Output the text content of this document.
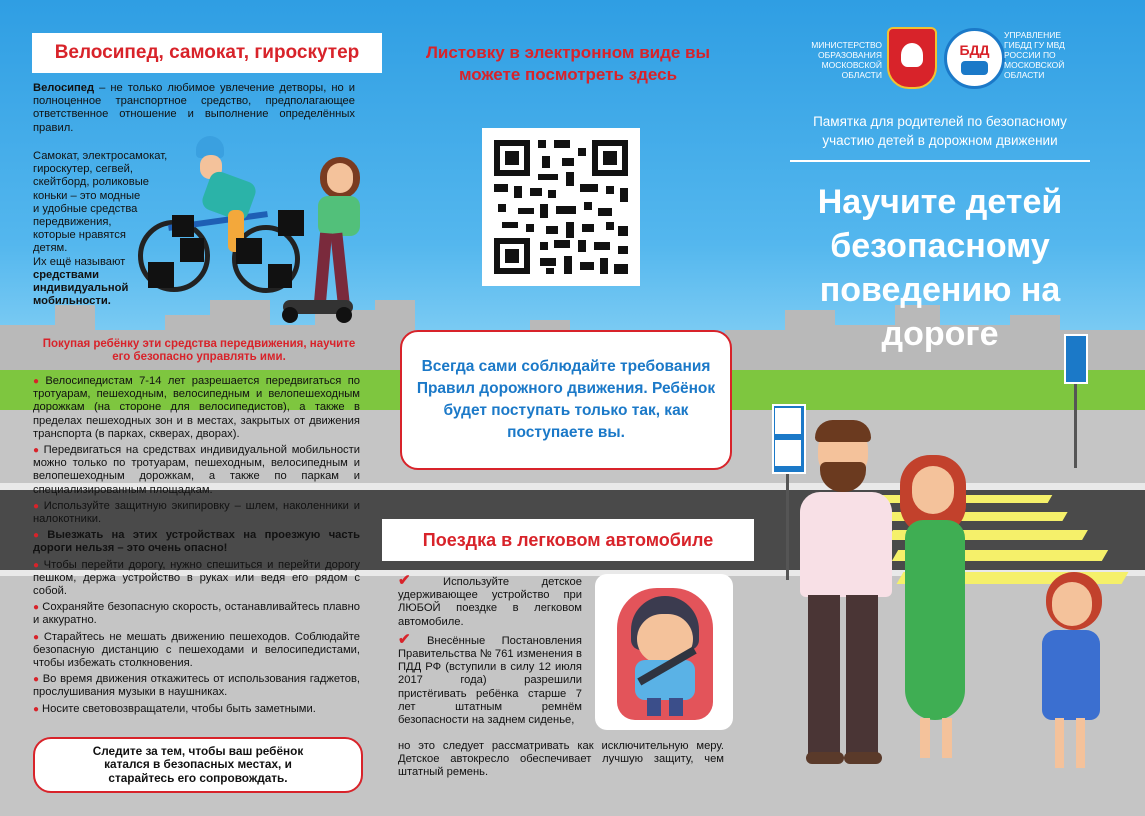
Велосипед, самокат, гироскутер
Велосипед – не только любимое увлечение детворы, но и полноценное транспортное средство, предполагающее ответственное отношение и выполнение определённых правил.
Самокат, электросамокат,
гироскутер, сегвей,
скейтборд, роликовые
коньки – это модные
и удобные средства
передвижения,
которые нравятся
детям.
Их ещё называют
средствами индивидуальной мобильности.
Покупая ребёнку эти средства передвижения, научите его безопасно управлять ими.
● Велосипедистам 7-14 лет разрешается передвигаться по тротуарам, пешеходным, велосипедным и велопешеходным дорожкам (на стороне для велосипедистов), а также в пределах пешеходных зон и в местах, закрытых от движения транспорта (в парках, скверах, дворах).
● Передвигаться на средствах индивидуальной мобильности можно только по тротуарам, пешеходным, велосипедным и велопешеходным дорожкам, а также по паркам и специализированным площадкам.
● Используйте защитную экипировку – шлем, наколенники и налокотники.
● Выезжать на этих устройствах на проезжую часть дороги нельзя – это очень опасно!
● Чтобы перейти дорогу, нужно спешиться и перейти дорогу пешком, держа устройство в руках или ведя его рядом с собой.
● Сохраняйте безопасную скорость, останавливайтесь плавно и аккуратно.
● Старайтесь не мешать движению пешеходов. Соблюдайте безопасную дистанцию с пешеходами и велосипедистами, чтобы избежать столкновения.
● Во время движения откажитесь от использования гаджетов, прослушивания музыки в наушниках.
● Носите световозвращатели, чтобы быть заметными.
Следите за тем, чтобы ваш ребёнок катался в безопасных местах, и старайтесь его сопровождать.
Листовку в электронном виде вы можете посмотреть здесь
Всегда сами соблюдайте требования Правил дорожного движения. Ребёнок будет поступать только так, как поступаете вы.
Поездка в легковом автомобиле
✔	Используйте детское удерживающее устройство при ЛЮБОЙ поездке в легковом автомобиле.
✔ Внесённые Постановления Правительства № 761 изменения в ПДД РФ (вступили в силу 12 июля 2017 года) разрешили пристёгивать ребёнка старше 7 лет штатным ремнём безопасности на заднем сиденье,
но это следует рассматривать как исключительную меру. Детское автокресло обеспечивает лучшую защиту, чем штатный ремень.
МИНИСТЕРСТВО ОБРАЗОВАНИЯ МОСКОВСКОЙ ОБЛАСТИ
БДД
УПРАВЛЕНИЕ ГИБДД ГУ МВД РОССИИ ПО МОСКОВСКОЙ ОБЛАСТИ
Памятка для родителей по безопасному участию детей в дорожном движении
Научите детей безопасному поведению на дороге
